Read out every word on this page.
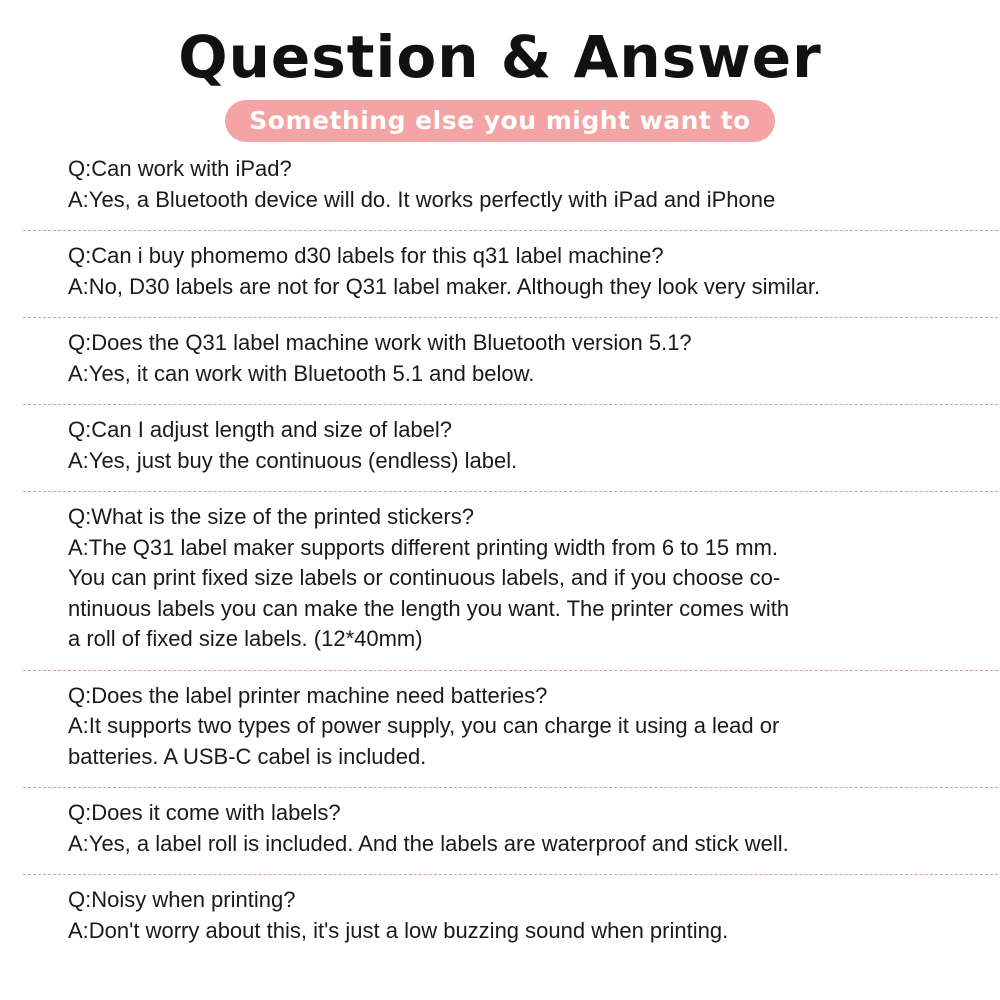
Question & Answer
Something else you might want to know

Q:Can work with iPad?

A:Yes, a Bluetooth device will do. It works perfectly with iPad and iPhone

Q:Can i buy phomemo d30 labels for this q31 label machine?

A:No, D30 labels are not for Q31 label maker. Although they look very similar.

Q:Does the Q31 label machine work with Bluetooth version 5.1?

A:Yes, it can work with Bluetooth 5.1 and below.

Q:Can I adjust length and size of label?

A:Yes, just buy the continuous (endless) label.

Q:What is the size of the printed stickers?

A:The Q31 label maker supports different printing width from 6 to 15 mm.

You can print fixed size labels or continuous labels, and if you choose co-

ntinuous labels you can make the length you want. The printer comes with

a roll of fixed size labels. (12*40mm)

Q:Does the label printer machine need batteries?

A:It supports two types of power supply, you can charge it using a lead or

batteries. A USB-C cabel is included.

Q:Does it come with labels?

A:Yes, a label roll is included. And the labels are waterproof and stick well.

Q:Noisy when printing?

A:Don't worry about this, it's just a low buzzing sound when printing.
